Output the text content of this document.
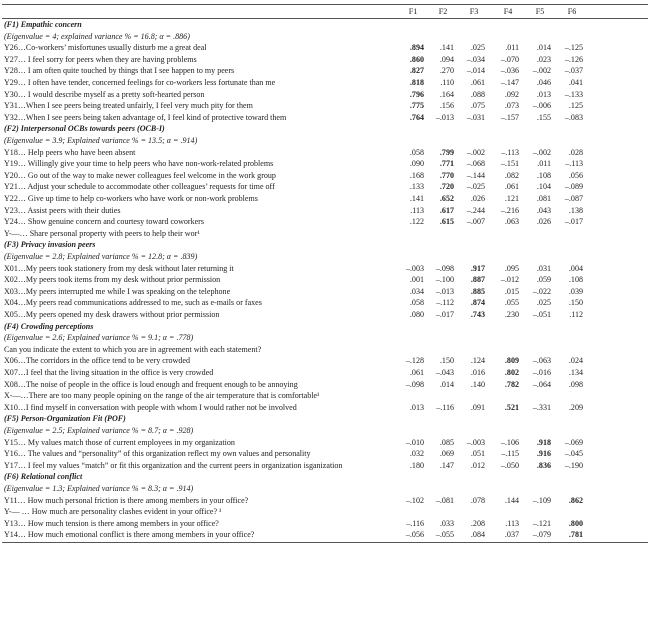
F1	F2	F3	F4	F5	F6
(F1) Empathic concern
(Eigenvalue = 4; explained variance % = 16.8; α = .886)
Y26…Co-workers’ misfortunes usually disturb me a great deal	.894	.141	.025	.011	.014	–.125
Y27… I feel sorry for peers when they are having problems	.860	.094	–.034	–.070	.023	–.126
Y28… I am often quite touched by things that I see happen to my peers	.827	.270	–.014	–.036	–.002	–.037
Y29… I often have tender, concerned feelings for co-workers less fortunate than me	.818	.110	.061	–.147	.046	.041
Y30… I would describe myself as a pretty soft-hearted person	.796	.164	.088	.092	.013	–.133
Y31…When I see peers being treated unfairly, I feel very much pity for them	.775	.156	.075	.073	–.006	.125
Y32…When I see peers being taken advantage of, I feel kind of protective toward them	.764	–.013	–.031	–.157	.155	–.083
(F2) Interpersonal OCBs towards peers (OCB-I)
(Eigenvalue = 3.9; Explained variance % = 13.5; α = .914)
Y18… Help peers who have been absent	.058	.799	–.002	–.113	–.002	.028
Y19… Willingly give your time to help peers who have non-work-related problems	.090	.771	–.068	–.151	.011	–.113
Y20… Go out of the way to make newer colleagues feel welcome in the work group	.168	.770	–.144	.082	.108	.056
Y21… Adjust your schedule to accommodate other colleagues’ requests for time off	.133	.720	–.025	.061	.104	–.089
Y22… Give up time to help co-workers who have work or non-work problems	.141	.652	.026	.121	.081	–.087
Y23… Assist peers with their duties	.113	.617	–.244	–.216	.043	.138
Y24… Show genuine concern and courtesy toward coworkers	.122	.615	–.007	.063	.026	–.017
Y-—… Share personal property with peers to help their wor¹
(F3) Privacy invasion peers
(Eigenvalue = 2.8; Explained variance % = 12.8; α = .839)
X01…My peers took stationery from my desk without later returning it	–.003	–.098	.917	.095	.031	.004
X02…My peers took items from my desk without prior permission	.001	–.100	.887	–.012	.059	.108
X03…My peers interrupted me while I was speaking on the telephone	.034	–.013	.885	.015	–.022	.039
X04…My peers read communications addressed to me, such as e-mails or faxes	.058	–.112	.874	.055	.025	.150
X05…My peers opened my desk drawers without prior permission	.080	–.017	.743	.230	–.051	.112
(F4) Crowding perceptions
(Eigenvalue = 2.6; Explained variance % = 9.1; α = .778)
Can you indicate the extent to which you are in agreement with each statement?
X06…The corridors in the office tend to be very crowded	–.128	.150	.124	.809	–.063	.024
X07…I feel that the living situation in the office is very crowded	.061	–.043	.016	.802	–.016	.134
X08…The noise of people in the office is loud enough and frequent enough to be annoying	–.098	.014	.140	.782	–.064	.098
X-—…There are too many people opining on the range of the air temperature that is comfortable¹
X10…I find myself in conversation with people with whom I would rather not be involved	.013	–.116	.091	.521	–.331	.209
(F5) Person-Organization Fit (POF)
(Eigenvalue = 2.5; Explained variance % = 8.7; α = .928)
Y15… My values match those of current employees in my organization	–.010	.085	–.003	–.106	.918	–.069
Y16… The values and “personality” of this organization reflect my own values and personality	.032	.069	.051	–.115	.916	–.045
Y17… I feel my values “match” or fit this organization and the current peers in organization isganization	.180	.147	.012	–.050	.836	–.190
(F6) Relational conflict
(Eigenvalue = 1.3; Explained variance % = 8.3; α = .914)
Y11… How much personal friction is there among members in your office?	–.102	–.081	.078	.144	–.109	.862
Y-— … How much are personality clashes evident in your office? ¹
Y13… How much tension is there among members in your office?	–.116	.033	.208	.113	–.121	.800
Y14… How much emotional conflict is there among members in your office?	–.056	–.055	.084	.037	–.079	.781
